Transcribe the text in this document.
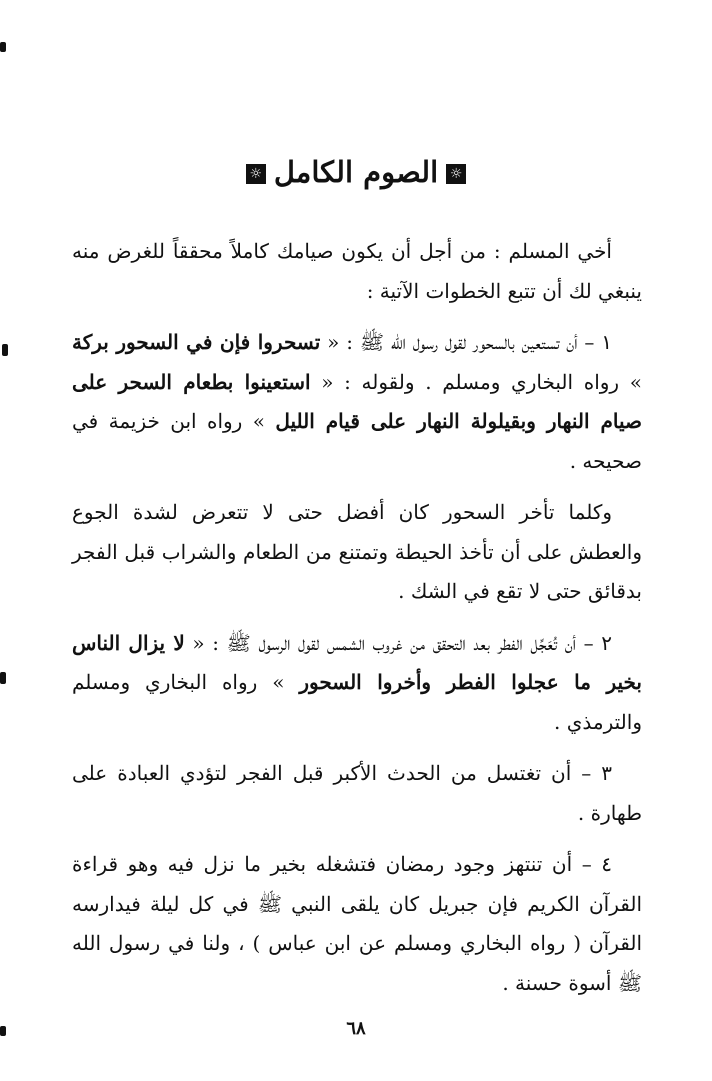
☼الصوم الكامل☼

أخي المسلم : من أجل أن يكون صيامك كاملاً محققاً للغرض منه ينبغي لك أن تتبع الخطوات الآتية :

١ – أن تستعين بالسحور لقول رسول الله ﷺ : « تسحروا فإن في السحور بركة » رواه البخاري ومسلم . ولقوله : « استعينوا بطعام السحر على صيام النهار وبقيلولة النهار على قيام الليل » رواه ابن خزيمة في صحيحه .

وكلما تأخر السحور كان أفضل حتى لا تتعرض لشدة الجوع والعطش على أن تأخذ الحيطة وتمتنع من الطعام والشراب قبل الفجر بدقائق حتى لا تقع في الشك .

٢ – أن تُعَجِّل الفطر بعد التحقق من غروب الشمس لقول الرسول ﷺ : « لا يزال الناس بخير ما عجلوا الفطر وأخروا السحور » رواه البخاري ومسلم والترمذي .

٣ – أن تغتسل من الحدث الأكبر قبل الفجر لتؤدي العبادة على طهارة .

٤ – أن تنتهز وجود رمضان فتشغله بخير ما نزل فيه وهو قراءة القرآن الكريم فإن جبريل كان يلقى النبي ﷺ في كل ليلة فيدارسه القرآن ( رواه البخاري ومسلم عن ابن عباس ) ، ولنا في رسول الله ﷺ أسوة حسنة .

٦٨
